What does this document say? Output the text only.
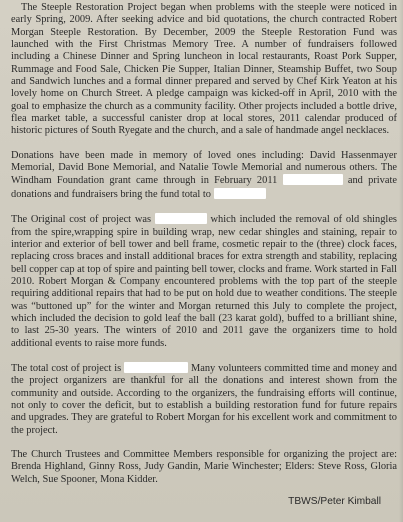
The Steeple Restoration Project began when problems with the steeple were noticed in early Spring, 2009. After seeking advice and bid quotations, the church contracted Robert Morgan Steeple Restoration. By December, 2009 the Steeple Restoration Fund was launched with the First Christmas Memory Tree. A number of fundraisers followed including a Chinese Dinner and Spring luncheon in local restaurants, Roast Pork Supper, Rummage and Food Sale, Chicken Pie Supper, Italian Dinner, Steamship Buffet, two Soup and Sandwich lunches and a formal dinner prepared and served by Chef Kirk Yeaton at his lovely home on Church Street. A pledge campaign was kicked-off in April, 2010 with the goal to emphasize the church as a community facility. Other projects included a bottle drive, flea market table, a successful canister drop at local stores, 2011 calendar produced of historic pictures of South Ryegate and the church, and a sale of handmade angel necklaces.

Donations have been made in memory of loved ones including: David Hassenmayer Memorial, David Bone Memorial, and Natalie Towle Memorial and numerous others. The Windham Foundation grant came through in February 2011	and private donations and fundraisers bring the fund total to

The Original cost of project was	which included the removal of old shingles from the spire,wrapping spire in building wrap, new cedar shingles and staining, repair to interior and exterior of bell tower and bell frame, cosmetic repair to the (three) clock faces, replacing cross braces and install additional braces for extra strength and stability, replacing bell copper cap at top of spire and painting bell tower, clocks and frame. Work started in Fall 2010. Robert Morgan & Company encountered problems with the top part of the steeple requiring additional repairs that had to be put on hold due to weather conditions. The steeple was “buttoned up” for the winter and Morgan returned this July to complete the project, which included the decision to gold leaf the ball (23 karat gold), buffed to a brilliant shine, to last 25-30 years. The winters of 2010 and 2011 gave the organizers time to hold additional events to raise more funds.

The total cost of project is	Many volunteers committed time and money and the project organizers are thankful for all the donations and interest shown from the community and outside. According to the organizers, the fundraising efforts will continue, not only to cover the deficit, but to establish a building restoration fund for future repairs and upgrades. They are grateful to Robert Morgan for his excellent work and commitment to the project.

The Church Trustees and Committee Members responsible for organizing the project are: Brenda Highland, Ginny Ross, Judy Gandin, Marie Winchester; Elders: Steve Ross, Gloria Welch, Sue Spooner, Mona Kidder.

TBWS/Peter Kimball
